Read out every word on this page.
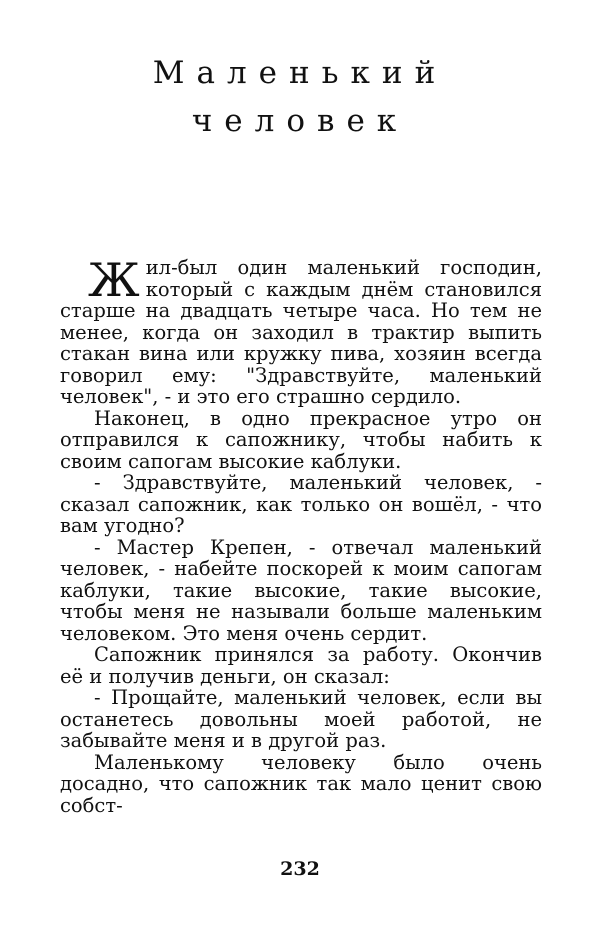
Маленький
человек

Жил-был один маленький господин, который с каждым днём становился старше на двадцать четыре часа. Но тем не менее, когда он заходил в трактир выпить стакан вина или кружку пива, хозяин всегда говорил ему: "Здравствуйте, маленький человек", - и это его страшно сердило.

Наконец, в одно прекрасное утро он отправился к сапожнику, чтобы набить к своим сапогам высокие каблуки.

- Здравствуйте, маленький человек, - сказал сапожник, как только он вошёл, - что вам угодно?

- Мастер Крепен, - отвечал маленький человек, - набейте поскорей к моим сапогам каблуки, такие высокие, такие высокие, чтобы меня не называли больше маленьким человеком. Это меня очень сердит.

Сапожник принялся за работу. Окончив её и получив деньги, он сказал:

- Прощайте, маленький человек, если вы останетесь довольны моей работой, не забывайте меня и в другой раз.

Маленькому человеку было очень досадно, что сапожник так мало ценит свою собст-

232
